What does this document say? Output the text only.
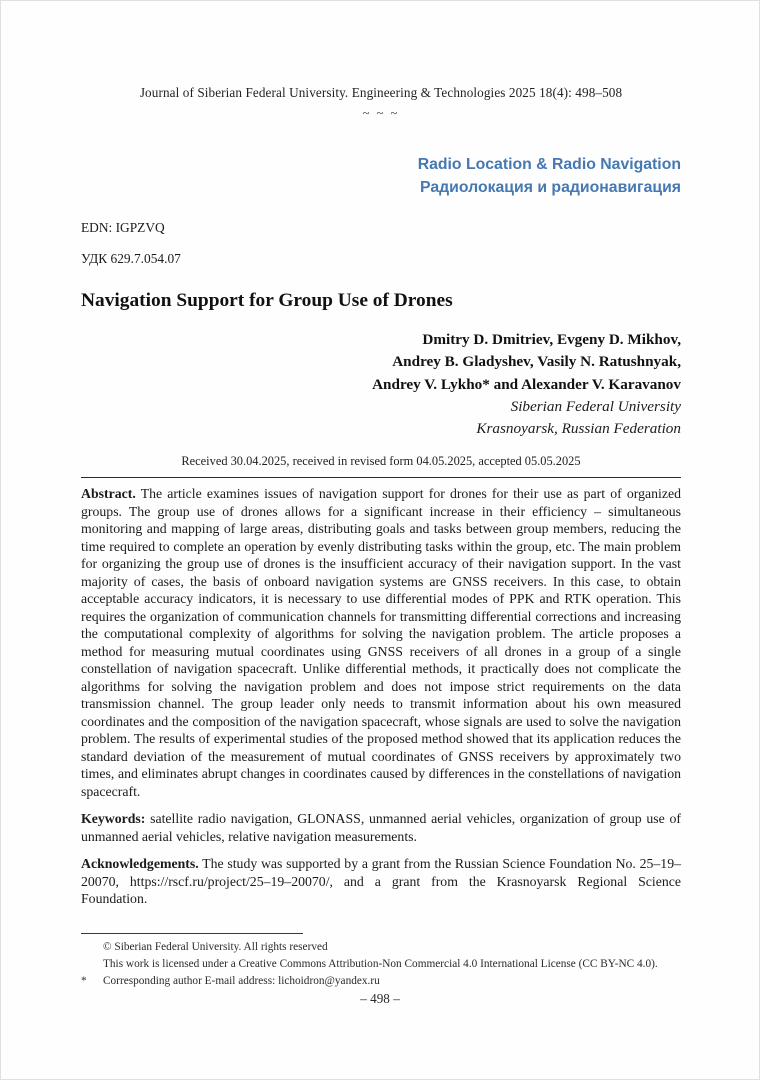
Journal of Siberian Federal University. Engineering & Technologies 2025 18(4): 498–508
~ ~ ~
Radio Location & Radio Navigation
Радиолокация и радионавигация
EDN: IGPZVQ
УДК 629.7.054.07
Navigation Support for Group Use of Drones
Dmitry D. Dmitriev, Evgeny D. Mikhov,
Andrey B. Gladyshev, Vasily N. Ratushnyak,
Andrey V. Lykho* and Alexander V. Karavanov
Siberian Federal University
Krasnoyarsk, Russian Federation
Received 30.04.2025, received in revised form 04.05.2025, accepted 05.05.2025

Abstract. The article examines issues of navigation support for drones for their use as part of organized groups. The group use of drones allows for a significant increase in their efficiency – simultaneous monitoring and mapping of large areas, distributing goals and tasks between group members, reducing the time required to complete an operation by evenly distributing tasks within the group, etc. The main problem for organizing the group use of drones is the insufficient accuracy of their navigation support. In the vast majority of cases, the basis of onboard navigation systems are GNSS receivers. In this case, to obtain acceptable accuracy indicators, it is necessary to use differential modes of PPK and RTK operation. This requires the organization of communication channels for transmitting differential corrections and increasing the computational complexity of algorithms for solving the navigation problem. The article proposes a method for measuring mutual coordinates using GNSS receivers of all drones in a group of a single constellation of navigation spacecraft. Unlike differential methods, it practically does not complicate the algorithms for solving the navigation problem and does not impose strict requirements on the data transmission channel. The group leader only needs to transmit information about his own measured coordinates and the composition of the navigation spacecraft, whose signals are used to solve the navigation problem. The results of experimental studies of the proposed method showed that its application reduces the standard deviation of the measurement of mutual coordinates of GNSS receivers by approximately two times, and eliminates abrupt changes in coordinates caused by differences in the constellations of navigation spacecraft.

Keywords: satellite radio navigation, GLONASS, unmanned aerial vehicles, organization of group use of unmanned aerial vehicles, relative navigation measurements.

Acknowledgements. The study was supported by a grant from the Russian Science Foundation No. 25–19–20070, https://rscf.ru/project/25–19–20070/, and a grant from the Krasnoyarsk Regional Science Foundation.

© Siberian Federal University. All rights reserved
This work is licensed under a Creative Commons Attribution-Non Commercial 4.0 International License (CC BY-NC 4.0).
*	Corresponding author E-mail address: lichoidron@yandex.ru
– 498 –
